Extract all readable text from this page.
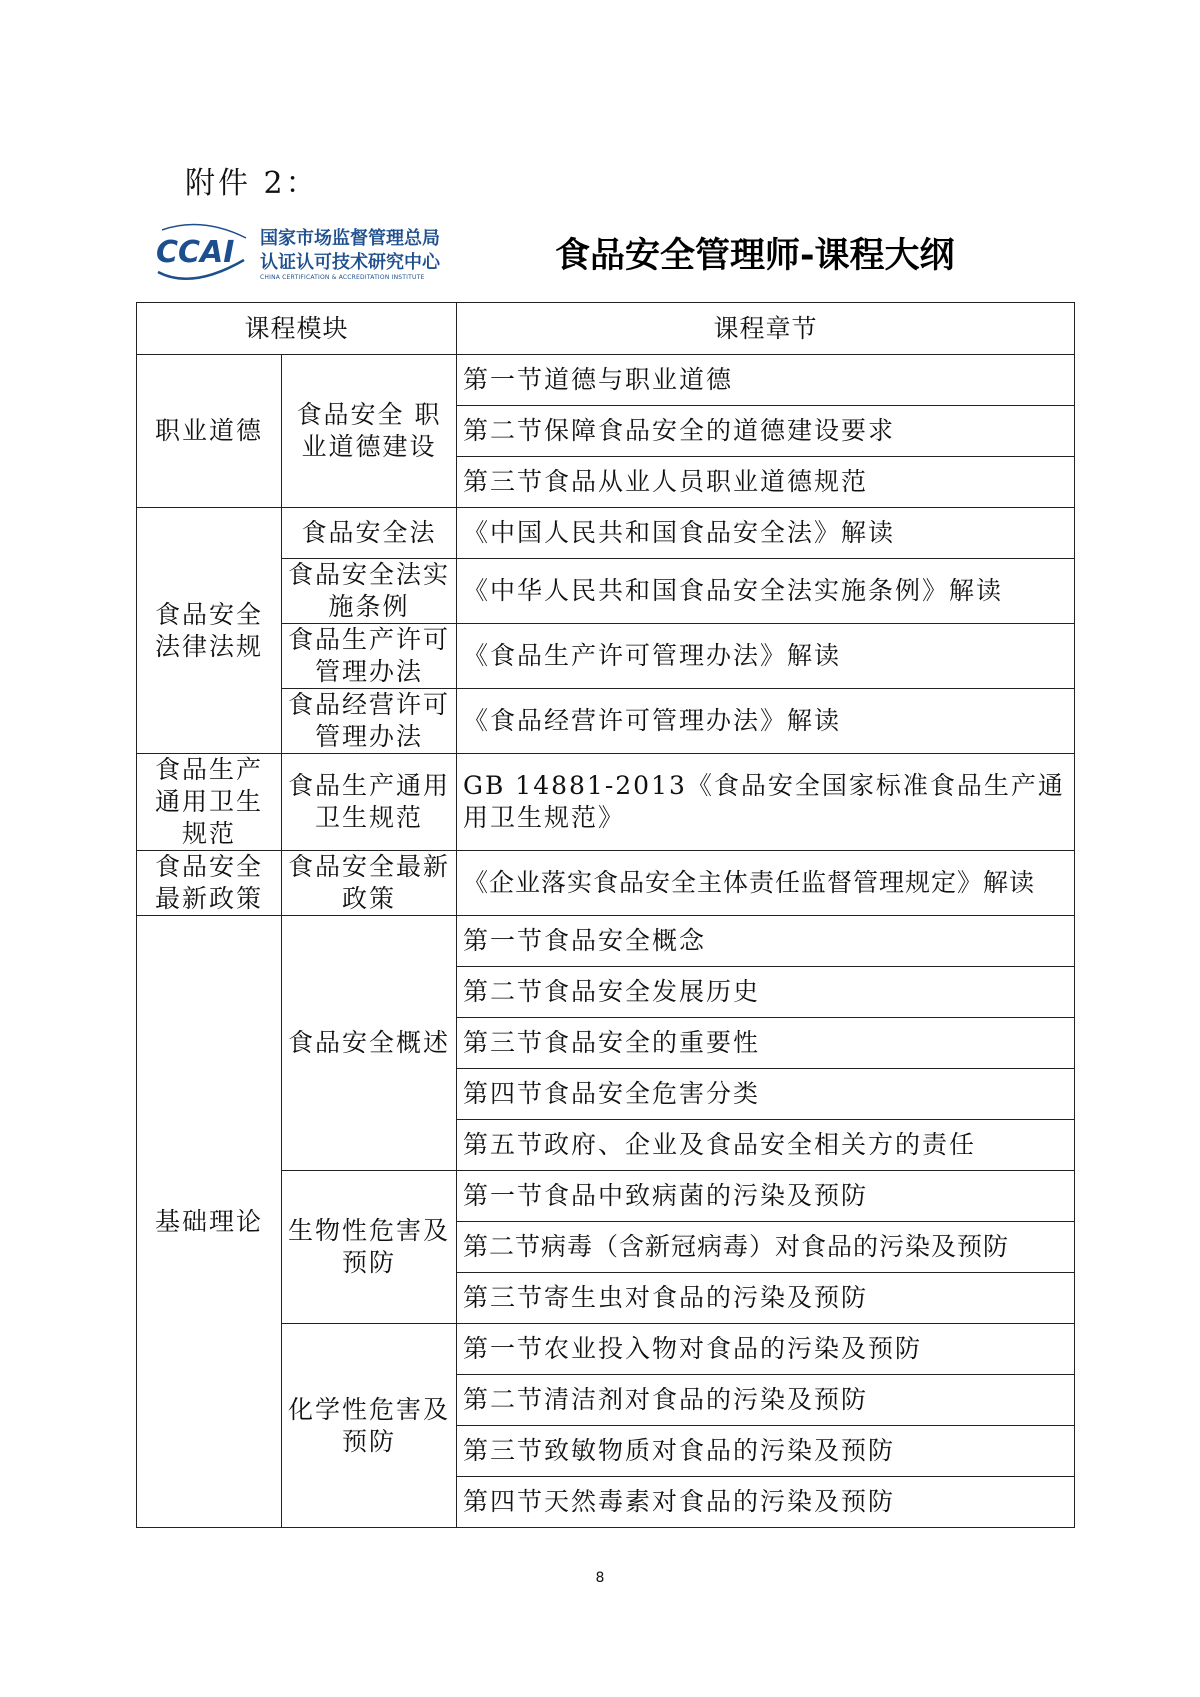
附件 2：
CCAI 国家市场监督管理总局
认证认可技术研究中心
CHINA CERTIFICATION & ACCREDITATION INSTITUTE
食品安全管理师-课程大纲
课程模块		课程章节
职业道德	食品安全 职业道德建设	第一节道德与职业道德
		第二节保障食品安全的道德建设要求
		第三节食品从业人员职业道德规范
食品安全法律法规	食品安全法	《中国人民共和国食品安全法》解读
	食品安全法实施条例	《中华人民共和国食品安全法实施条例》解读
	食品生产许可管理办法	《食品生产许可管理办法》解读
	食品经营许可管理办法	《食品经营许可管理办法》解读
食品生产通用卫生规范	食品生产通用卫生规范	GB 14881-2013《食品安全国家标准食品生产通用卫生规范》
食品安全最新政策	食品安全最新政策	《企业落实食品安全主体责任监督管理规定》解读
基础理论	食品安全概述	第一节食品安全概念
		第二节食品安全发展历史
		第三节食品安全的重要性
		第四节食品安全危害分类
		第五节政府、企业及食品安全相关方的责任
	生物性危害及预防	第一节食品中致病菌的污染及预防
		第二节病毒（含新冠病毒）对食品的污染及预防
		第三节寄生虫对食品的污染及预防
	化学性危害及预防	第一节农业投入物对食品的污染及预防
		第二节清洁剂对食品的污染及预防
		第三节致敏物质对食品的污染及预防
		第四节天然毒素对食品的污染及预防
8
